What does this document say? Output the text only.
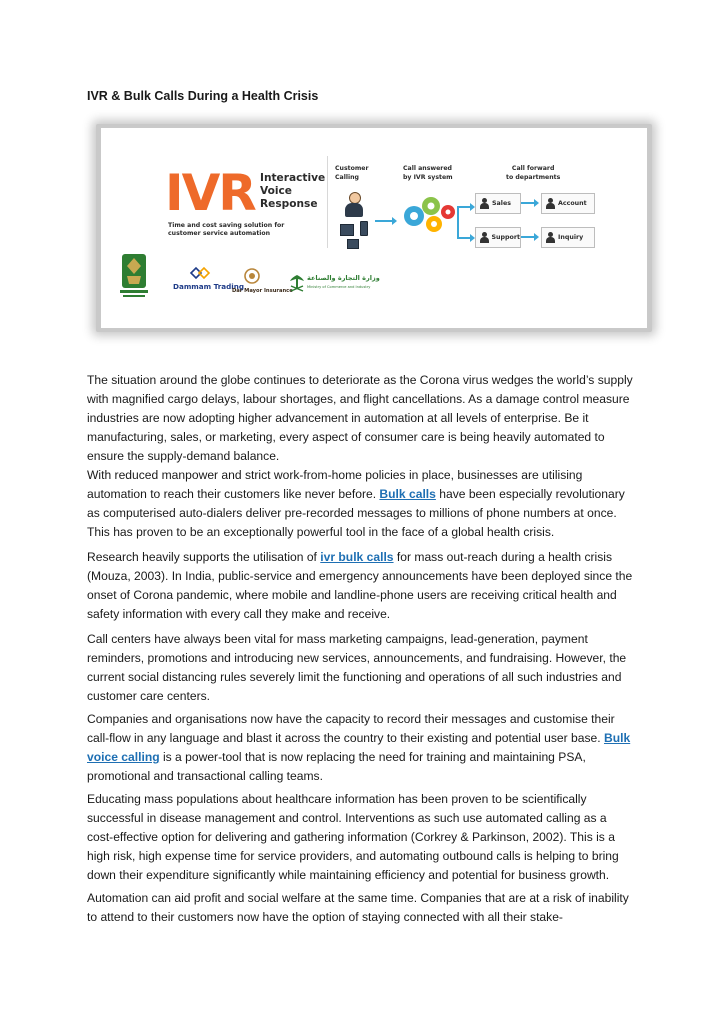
IVR & Bulk Calls During a Health Crisis
IVR Interactive
Voice
Response
Time and cost saving solution for
customer service automation
Customer
Calling
Call answered
by IVR system
Call forward
to departments
Sales
Support
Account
Inquiry
Dammam Trading
Dar Mayor Insurance
وزارة التجارة والصناعة
Ministry of Commerce and Industry
The situation around the globe continues to deteriorate as the Corona virus wedges the world’s supply with magnified cargo delays, labour shortages, and flight cancellations. As a damage control measure industries are now adopting higher advancement in automation at all levels of enterprise. Be it manufacturing, sales, or marketing, every aspect of consumer care is being heavily automated to ensure the supply-demand balance.
With reduced manpower and strict work-from-home policies in place, businesses are utilising automation to reach their customers like never before. Bulk calls have been especially revolutionary as computerised auto-dialers deliver pre-recorded messages to millions of phone numbers at once. This has proven to be an exceptionally powerful tool in the face of a global health crisis.
Research heavily supports the utilisation of ivr bulk calls for mass out-reach during a health crisis (Mouza, 2003). In India, public-service and emergency announcements have been deployed since the onset of Corona pandemic, where mobile and landline-phone users are receiving critical health and safety information with every call they make and receive.
Call centers have always been vital for mass marketing campaigns, lead-generation, payment reminders, promotions and introducing new services, announcements, and fundraising. However, the current social distancing rules severely limit the functioning and operations of all such industries and customer care centers.
Companies and organisations now have the capacity to record their messages and customise their call-flow in any language and blast it across the country to their existing and potential user base. Bulk voice calling is a power-tool that is now replacing the need for training and maintaining PSA, promotional and transactional calling teams.
Educating mass populations about healthcare information has been proven to be scientifically successful in disease management and control. Interventions as such use automated calling as a cost-effective option for delivering and gathering information (Corkrey & Parkinson, 2002). This is a high risk, high expense time for service providers, and automating outbound calls is helping to bring down their expenditure significantly while maintaining efficiency and potential for business growth.
Automation can aid profit and social welfare at the same time. Companies that are at a risk of inability to attend to their customers now have the option of staying connected with all their stake-
